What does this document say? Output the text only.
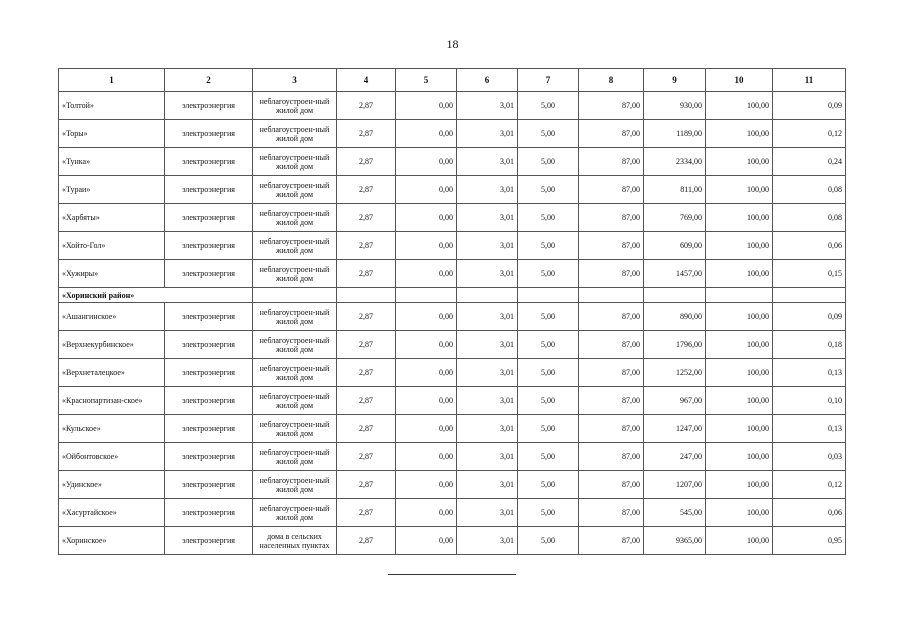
18
1	2	3	4	5	6	7	8	9	10	11
«Толтой»	электроэнергия	неблагоустроен-ный жилой дом	2,87	0,00	3,01	5,00	87,00	930,00	100,00	0,09
«Торы»	электроэнергия	неблагоустроен-ный жилой дом	2,87	0,00	3,01	5,00	87,00	1189,00	100,00	0,12
«Тунка»	электроэнергия	неблагоустроен-ный жилой дом	2,87	0,00	3,01	5,00	87,00	2334,00	100,00	0,24
«Тураи»	электроэнергия	неблагоустроен-ный жилой дом	2,87	0,00	3,01	5,00	87,00	811,00	100,00	0,08
«Харбяты»	электроэнергия	неблагоустроен-ный жилой дом	2,87	0,00	3,01	5,00	87,00	769,00	100,00	0,08
«Хойто-Гол»	электроэнергия	неблагоустроен-ный жилой дом	2,87	0,00	3,01	5,00	87,00	609,00	100,00	0,06
«Хужиры»	электроэнергия	неблагоустроен-ный жилой дом	2,87	0,00	3,01	5,00	87,00	1457,00	100,00	0,15
«Хоринский район»										
«Ашангинское»	электроэнергия	неблагоустроен-ный жилой дом	2,87	0,00	3,01	5,00	87,00	890,00	100,00	0,09
«Верхнекурбинское»	электроэнергия	неблагоустроен-ный жилой дом	2,87	0,00	3,01	5,00	87,00	1796,00	100,00	0,18
«Верхнеталецкое»	электроэнергия	неблагоустроен-ный жилой дом	2,87	0,00	3,01	5,00	87,00	1252,00	100,00	0,13
«Краснопартизан-ское»	электроэнергия	неблагоустроен-ный жилой дом	2,87	0,00	3,01	5,00	87,00	967,00	100,00	0,10
«Кульское»	электроэнергия	неблагоустроен-ный жилой дом	2,87	0,00	3,01	5,00	87,00	1247,00	100,00	0,13
«Ойбонтовское»	электроэнергия	неблагоустроен-ный жилой дом	2,87	0,00	3,01	5,00	87,00	247,00	100,00	0,03
«Удинское»	электроэнергия	неблагоустроен-ный жилой дом	2,87	0,00	3,01	5,00	87,00	1207,00	100,00	0,12
«Хасуртайское»	электроэнергия	неблагоустроен-ный жилой дом	2,87	0,00	3,01	5,00	87,00	545,00	100,00	0,06
«Хоринское»	электроэнергия	дома в сельских населенных пунктах	2,87	0,00	3,01	5,00	87,00	9365,00	100,00	0,95
